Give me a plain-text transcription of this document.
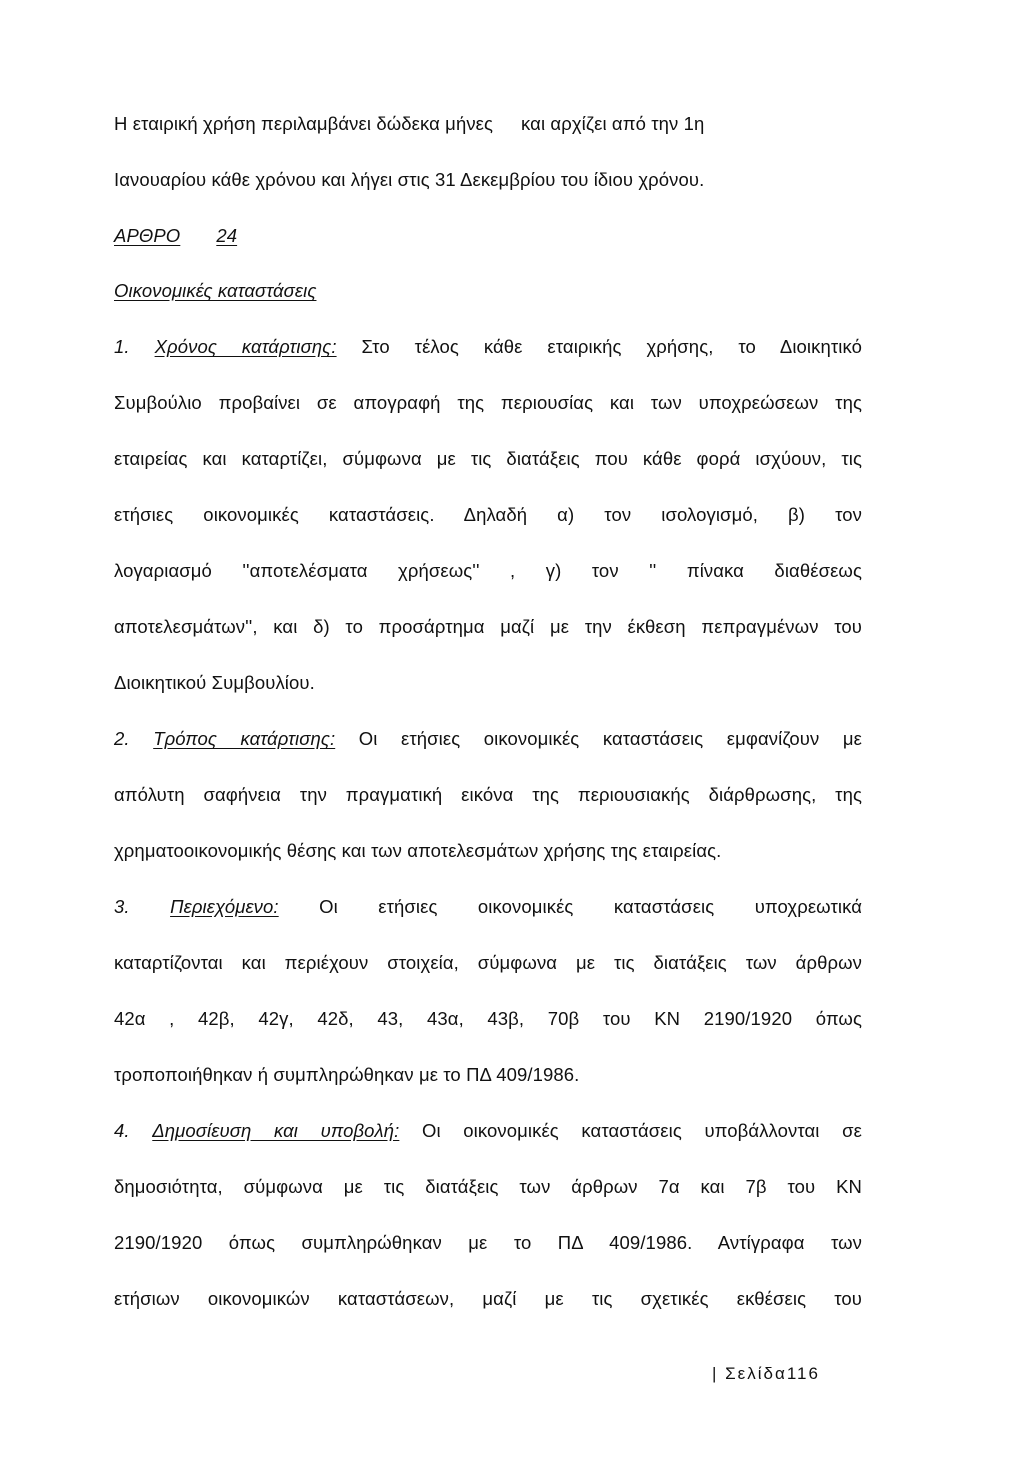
Η εταιρική χρήση περιλαμβάνει δώδεκα μήνες και αρχίζει από την 1η
Ιανουαρίου κάθε χρόνου και λήγει στις 31 Δεκεμβρίου του ίδιου χρόνου.
ΑΡΘΡΟ 24
Οικονομικές καταστάσεις
1. Χρόνος κατάρτισης: Στο τέλος κάθε εταιρικής χρήσης, το Διοικητικό
Συμβούλιο προβαίνει σε απογραφή της περιουσίας και των υποχρεώσεων της
εταιρείας και καταρτίζει, σύμφωνα με τις διατάξεις που κάθε φορά ισχύουν, τις
ετήσιες οικονομικές καταστάσεις. Δηλαδή α) τον ισολογισμό, β) τον
λογαριασμό ''αποτελέσματα χρήσεως'' , γ) τον '' πίνακα διαθέσεως
αποτελεσμάτων'', και δ) το προσάρτημα μαζί με την έκθεση πεπραγμένων του
Διοικητικού Συμβουλίου.
2. Τρόπος κατάρτισης: Οι ετήσιες οικονομικές καταστάσεις εμφανίζουν με
απόλυτη σαφήνεια την πραγματική εικόνα της περιουσιακής διάρθρωσης, της
χρηματοοικονομικής θέσης και των αποτελεσμάτων χρήσης της εταιρείας.
3. Περιεχόμενο: Οι ετήσιες οικονομικές καταστάσεις υποχρεωτικά
καταρτίζονται και περιέχουν στοιχεία, σύμφωνα με τις διατάξεις των άρθρων
42α , 42β, 42γ, 42δ, 43, 43α, 43β, 70β του ΚΝ 2190/1920 όπως
τροποποιήθηκαν ή συμπληρώθηκαν με το ΠΔ 409/1986.
4. Δημοσίευση και υποβολή: Οι οικονομικές καταστάσεις υποβάλλονται σε
δημοσιότητα, σύμφωνα με τις διατάξεις των άρθρων 7α και 7β του ΚΝ
2190/1920 όπως συμπληρώθηκαν με το ΠΔ 409/1986. Αντίγραφα των
ετήσιων οικονομικών καταστάσεων, μαζί με τις σχετικές εκθέσεις του
| Σελίδα116
